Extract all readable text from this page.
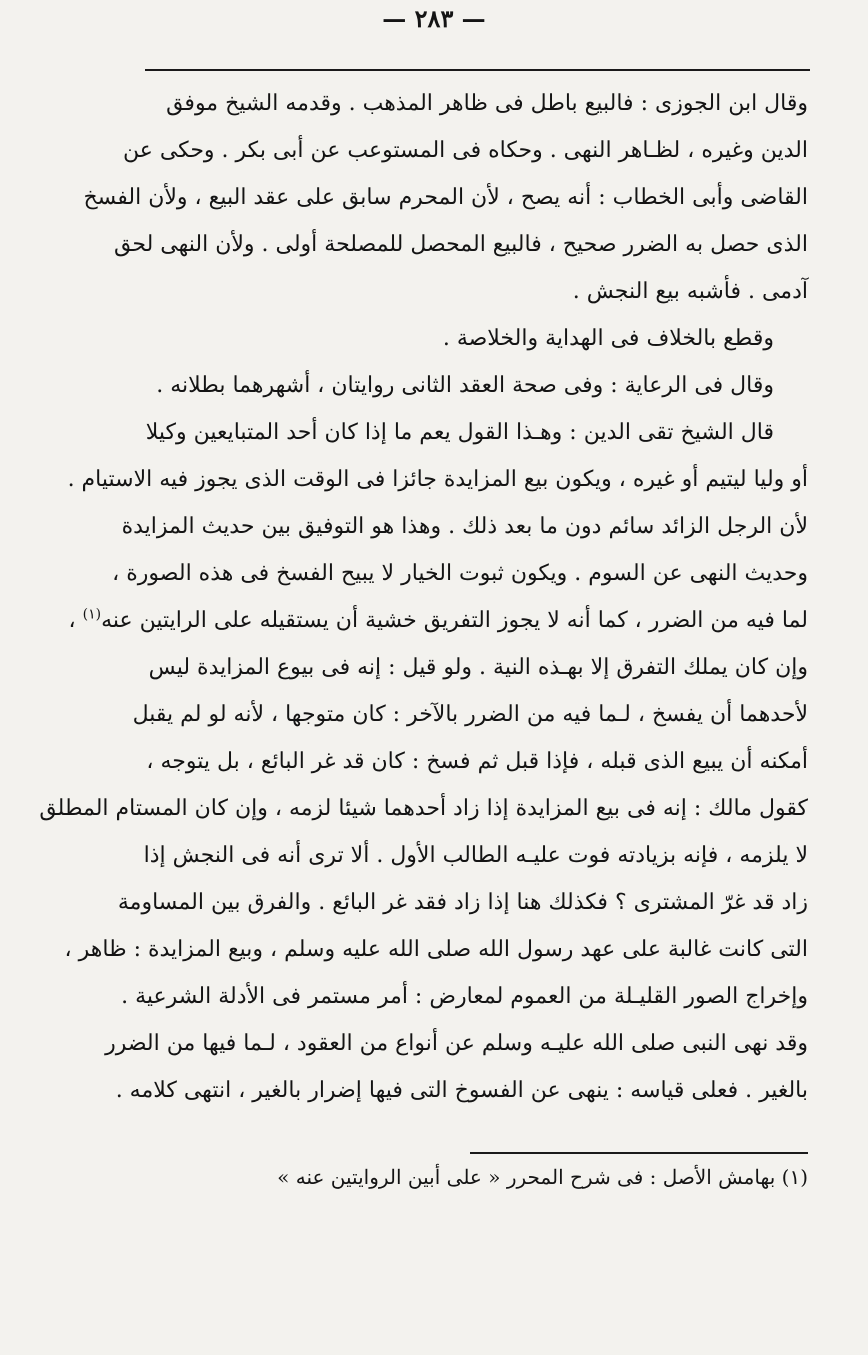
— ٢٨٣ —
وقال ابن الجوزى : فالبيع باطل فى ظاهر المذهب . وقدمه الشيخ موفق
الدين وغيره ، لظـاهر النهى . وحكاه فى المستوعب عن أبى بكر . وحكى عن
القاضى وأبى الخطاب : أنه يصح ، لأن المحرم سابق على عقد البيع ، ولأن الفسخ
الذى حصل به الضرر صحيح ، فالبيع المحصل للمصلحة أولى . ولأن النهى لحق
آدمى . فأشبه بيع النجش .
وقطع بالخلاف فى الهداية والخلاصة .
وقال فى الرعاية : وفى صحة العقد الثانى روايتان ، أشهرهما بطلانه .
قال الشيخ تقى الدين : وهـذا القول يعم ما إذا كان أحد المتبايعين وكيلا
أو وليا ليتيم أو غيره ، ويكون بيع المزايدة جائزا فى الوقت الذى يجوز فيه الاستيام .
لأن الرجل الزائد سائم دون ما بعد ذلك . وهذا هو التوفيق بين حديث المزايدة
وحديث النهى عن السوم . ويكون ثبوت الخيار لا يبيح الفسخ فى هذه الصورة ،
لما فيه من الضرر ، كما أنه لا يجوز التفريق خشية أن يستقيله على الرايتين عنه$^{(١)}$ ،
وإن كان يملك التفرق إلا بهـذه النية . ولو قيل : إنه فى بيوع المزايدة ليس
لأحدهما أن يفسخ ، لـما فيه من الضرر بالآخر : كان متوجها ، لأنه لو لم يقبل
أمكنه أن يبيع الذى قبله ، فإذا قبل ثم فسخ : كان قد غر البائع ، بل يتوجه ،
كقول مالك : إنه فى بيع المزايدة إذا زاد أحدهما شيئا لزمه ، وإن كان المستام المطلق
لا يلزمه ، فإنه بزيادته فوت عليـه الطالب الأول . ألا ترى أنه فى النجش إذا
زاد قد غرّ المشترى ؟ فكذلك هنا إذا زاد فقد غر البائع . والفرق بين المساومة
التى كانت غالبة على عهد رسول الله صلى الله عليه وسلم ، وبيع المزايدة : ظاهر ،
وإخراج الصور القليـلة من العموم لمعارض : أمر مستمر فى الأدلة الشرعية .
وقد نهى النبى صلى الله عليـه وسلم عن أنواع من العقود ، لـما فيها من الضرر
بالغير . فعلى قياسه : ينهى عن الفسوخ التى فيها إضرار بالغير ، انتهى كلامه .
(١) بهامش الأصل : فى شرح المحرر « على أبين الروايتين عنه »
